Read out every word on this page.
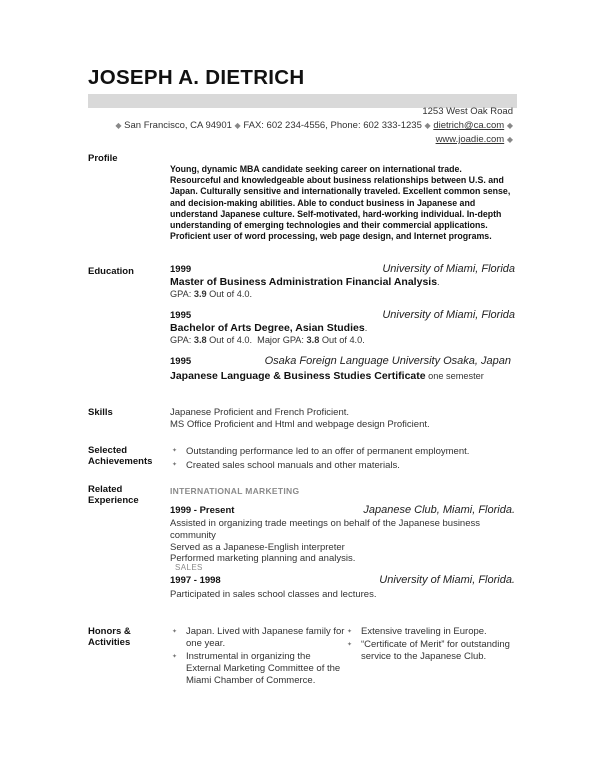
JOSEPH A. DIETRICH
1253 West Oak Road
◆ San Francisco, CA 94901 ◆ FAX: 602 234-4556, Phone: 602 333-1235 ◆ dietrich@ca.com ◆
www.joadie.com ◆
Profile
Young, dynamic MBA candidate seeking career on international trade. Resourceful and knowledgeable about business relationships between U.S. and Japan. Culturally sensitive and internationally traveled. Excellent common sense, and decision-making abilities. Able to conduct business in Japanese and understand Japanese culture. Self-motivated, hard-working individual. In-depth understanding of emerging technologies and their commercial applications. Proficient user of word processing, web page design, and Internet programs.
Education	1999	University of Miami, Florida
Master of Business Administration Financial Analysis.
GPA: 3.9 Out of 4.0.
1995	University of Miami, Florida
Bachelor of Arts Degree, Asian Studies.
GPA: 3.8 Out of 4.0. Major GPA: 3.8 Out of 4.0.
1995	Osaka Foreign Language University Osaka, Japan
Japanese Language & Business Studies Certificate one semester
Skills	Japanese Proficient and French Proficient.
MS Office Proficient and Html and webpage design Proficient.
Selected
Achievements
✦ Outstanding performance led to an offer of permanent employment.
✦ Created sales school manuals and other materials.
Related
Experience
INTERNATIONAL MARKETING
1999 - Present	Japanese Club, Miami, Florida.
Assisted in organizing trade meetings on behalf of the Japanese business community
Served as a Japanese-English interpreter
Performed marketing planning and analysis.
SALES
1997 - 1998	University of Miami, Florida.
Participated in sales school classes and lectures.
Honors &
Activities
✦ Japan. Lived with Japanese family for one year.
✦ Instrumental in organizing the External Marketing Committee of the Miami Chamber of Commerce.
✦ Extensive traveling in Europe.
✦ “Certificate of Merit” for outstanding service to the Japanese Club.
